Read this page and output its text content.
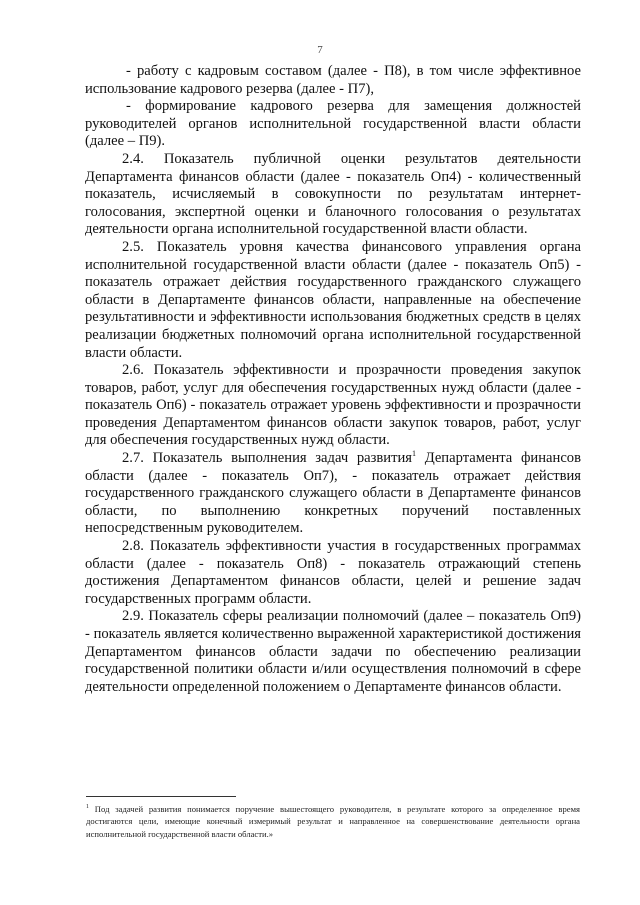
7

- работу с кадровым составом (далее - П8), в том числе эффективное использование кадрового резерва (далее - П7),

- формирование кадрового резерва для замещения должностей руководителей органов исполнительной государственной власти области (далее – П9).

2.4. Показатель публичной оценки результатов деятельности Департамента финансов области (далее - показатель Оп4) - количественный показатель, исчисляемый в совокупности по результатам интернет-голосования, экспертной оценки и бланочного голосования о результатах деятельности органа исполнительной государственной власти области.

2.5. Показатель уровня качества финансового управления органа исполнительной государственной власти области (далее - показатель Оп5) - показатель отражает действия государственного гражданского служащего области в Департаменте финансов области, направленные на обеспечение результативности и эффективности использования бюджетных средств в целях реализации бюджетных полномочий органа исполнительной государственной власти области.

2.6. Показатель эффективности и прозрачности проведения закупок товаров, работ, услуг для обеспечения государственных нужд области (далее - показатель Оп6) - показатель отражает уровень эффективности и прозрачности проведения Департаментом финансов области закупок товаров, работ, услуг для обеспечения государственных нужд области.

2.7. Показатель выполнения задач развития$^1$ Департамента финансов области (далее - показатель Оп7), - показатель отражает действия государственного гражданского служащего области в Департаменте финансов области, по выполнению конкретных поручений поставленных непосредственным руководителем.

2.8. Показатель эффективности участия в государственных программах области (далее - показатель Оп8) - показатель отражающий степень достижения Департаментом финансов области, целей и решение задач государственных программ области.

2.9. Показатель сферы реализации полномочий (далее – показатель Оп9) - показатель является количественно выраженной характеристикой достижения Департаментом финансов области задачи по обеспечению реализации государственной политики области и/или осуществления полномочий в сфере деятельности определенной положением о Департаменте финансов области.

$^1$ Под задачей развития понимается поручение вышестоящего руководителя, в результате которого за определенное время достигаются цели, имеющие конечный измеримый результат и направленное на совершенствование деятельности органа исполнительной государственной власти области.»
